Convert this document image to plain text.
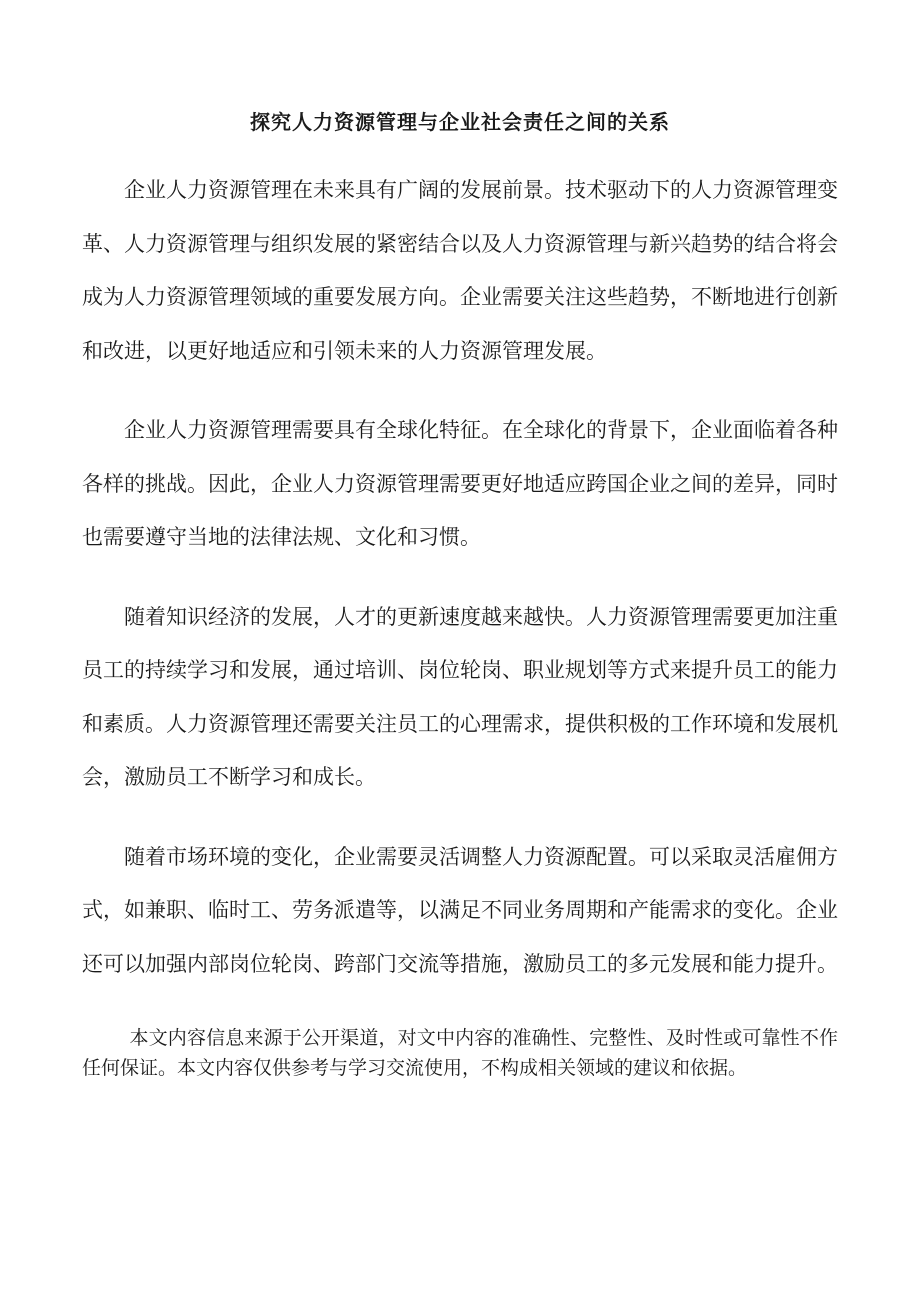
探究人力资源管理与企业社会责任之间的关系

企业人力资源管理在未来具有广阔的发展前景。技术驱动下的人力资源管理变革、人力资源管理与组织发展的紧密结合以及人力资源管理与新兴趋势的结合将会成为人力资源管理领域的重要发展方向。企业需要关注这些趋势，不断地进行创新和改进，以更好地适应和引领未来的人力资源管理发展。

企业人力资源管理需要具有全球化特征。在全球化的背景下，企业面临着各种各样的挑战。因此，企业人力资源管理需要更好地适应跨国企业之间的差异，同时也需要遵守当地的法律法规、文化和习惯。

随着知识经济的发展，人才的更新速度越来越快。人力资源管理需要更加注重员工的持续学习和发展，通过培训、岗位轮岗、职业规划等方式来提升员工的能力和素质。人力资源管理还需要关注员工的心理需求，提供积极的工作环境和发展机会，激励员工不断学习和成长。

随着市场环境的变化，企业需要灵活调整人力资源配置。可以采取灵活雇佣方式，如兼职、临时工、劳务派遣等，以满足不同业务周期和产能需求的变化。企业还可以加强内部岗位轮岗、跨部门交流等措施，激励员工的多元发展和能力提升。

本文内容信息来源于公开渠道，对文中内容的准确性、完整性、及时性或可靠性不作任何保证。本文内容仅供参考与学习交流使用，不构成相关领域的建议和依据。
